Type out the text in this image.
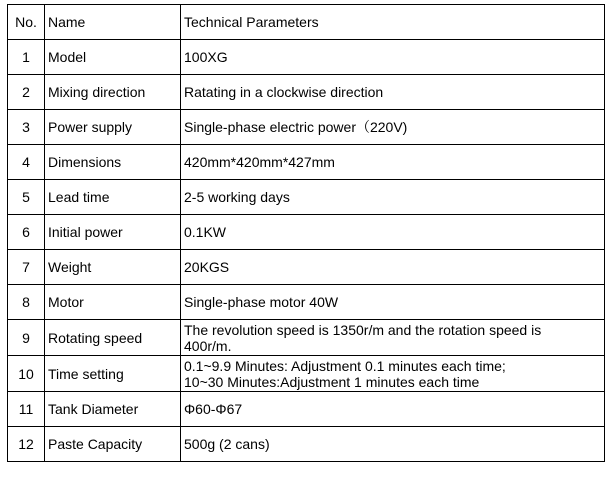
No.	Name	Technical Parameters
1	Model	100XG
2	Mixing direction	Ratating in a clockwise direction
3	Power supply	Single-phase electric power（220V)
4	Dimensions	420mm*420mm*427mm
5	Lead time	2-5 working days
6	Initial power	0.1KW
7	Weight	20KGS
8	Motor	Single-phase motor 40W
9	Rotating speed	The revolution speed is 1350r/m and the rotation speed is
400r/m.

10	Time setting	0.1~9.9 Minutes: Adjustment 0.1 minutes each time;
10~30 Minutes:Adjustment 1 minutes each time

11	Tank Diameter	Φ60-Φ67
12	Paste Capacity	500g (2 cans)
